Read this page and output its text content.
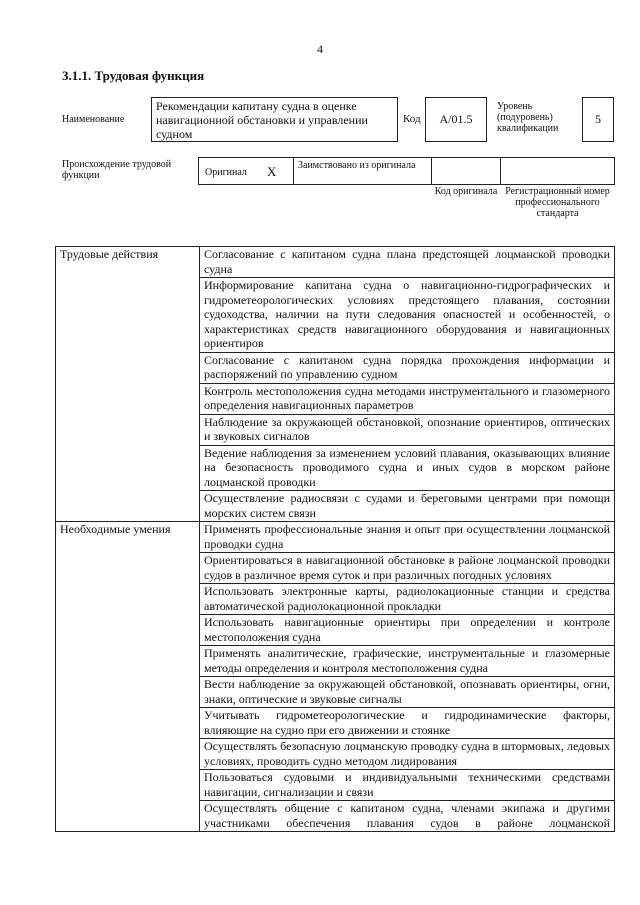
4
3.1.1. Трудовая функция
Наименование
Рекомендации капитану судна в оценке навигационной обстановки и управлении судном
Код	A/01.5
Уровень (подуровень) квалификации
5
Происхождение трудовой функции	Оригинал X Заимствовано из оригинала
Код оригинала Регистрационный номер профессионального стандарта
Трудовые действия	Согласование с капитаном судна плана предстоящей лоцманской проводки судна
	Информирование капитана судна о навигационно-гидрографических и гидрометеорологических условиях предстоящего плавания, состоянии судоходства, наличии на пути следования опасностей и особенностей, о характеристиках средств навигационного оборудования и навигационных ориентиров
	Согласование с капитаном судна порядка прохождения информации и распоряжений по управлению судном
	Контроль местоположения судна методами инструментального и глазомерного определения навигационных параметров
	Наблюдение за окружающей обстановкой, опознание ориентиров, оптических и звуковых сигналов
	Ведение наблюдения за изменением условий плавания, оказывающих влияние на безопасность проводимого судна и иных судов в морском районе лоцманской проводки
	Осуществление радиосвязи с судами и береговыми центрами при помощи морских систем связи
Необходимые умения	Применять профессиональные знания и опыт при осуществлении лоцманской проводки судна
	Ориентироваться в навигационной обстановке в районе лоцманской проводки судов в различное время суток и при различных погодных условиях
	Использовать электронные карты, радиолокационные станции и средства автоматической радиолокационной прокладки
	Использовать навигационные ориентиры при определении и контроле местоположения судна
	Применять аналитические, графические, инструментальные и глазомерные методы определения и контроля местоположения судна
	Вести наблюдение за окружающей обстановкой, опознавать ориентиры, огни, знаки, оптические и звуковые сигналы
	Учитывать гидрометеорологические и гидродинамические факторы, влияющие на судно при его движении и стоянке
	Осуществлять безопасную лоцманскую проводку судна в штормовых, ледовых условиях, проводить судно методом лидирования
	Пользоваться судовыми и индивидуальными техническими средствами навигации, сигнализации и связи
	Осуществлять общение с капитаном судна, членами экипажа и другими участниками обеспечения плавания судов в районе лоцманской
